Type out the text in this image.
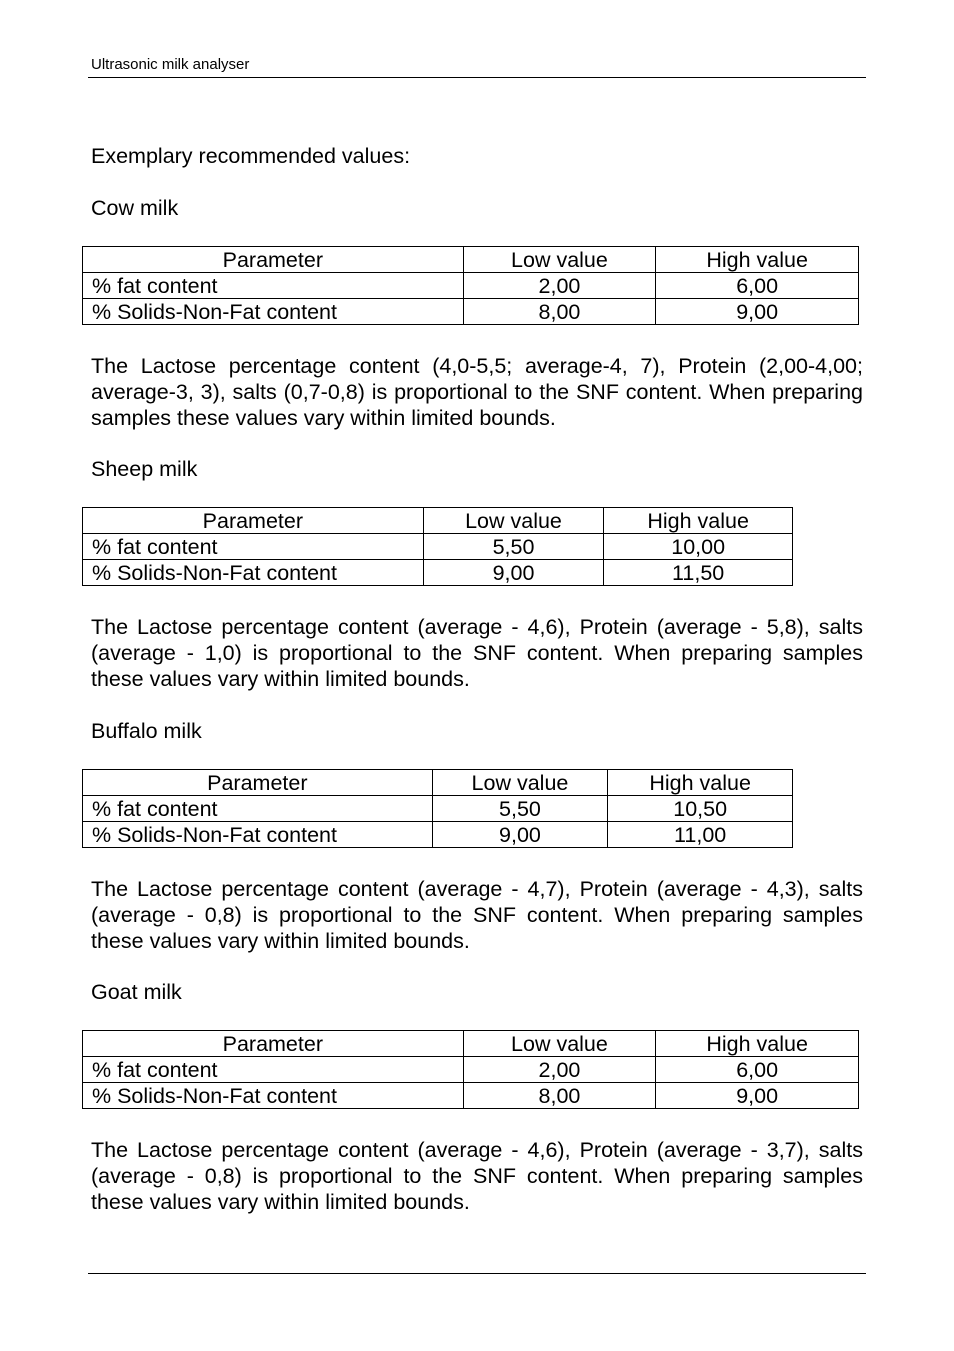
Ultrasonic milk analyser
Exemplary recommended values:
Cow milk
Parameter	Low value	High value
% fat content	2,00	6,00
% Solids-Non-Fat content	8,00	9,00
The Lactose percentage content (4,0-5,5; average-4, 7), Protein (2,00-4,00; average-3, 3), salts (0,7-0,8) is proportional to the SNF content. When preparing samples these values vary within limited bounds.
Sheep milk
Parameter	Low value	High value
% fat content	5,50	10,00
% Solids-Non-Fat content	9,00	11,50
The Lactose percentage content (average - 4,6), Protein (average - 5,8), salts (average - 1,0) is proportional to the SNF content. When preparing samples these values vary within limited bounds.
Buffalo milk
Parameter	Low value	High value
% fat content	5,50	10,50
% Solids-Non-Fat content	9,00	11,00
The Lactose percentage content (average - 4,7), Protein (average - 4,3), salts (average - 0,8) is proportional to the SNF content. When preparing samples these values vary within limited bounds.
Goat milk
Parameter	Low value	High value
% fat content	2,00	6,00
% Solids-Non-Fat content	8,00	9,00
The Lactose percentage content (average - 4,6), Protein (average - 3,7), salts (average - 0,8) is proportional to the SNF content. When preparing samples these values vary within limited bounds.
